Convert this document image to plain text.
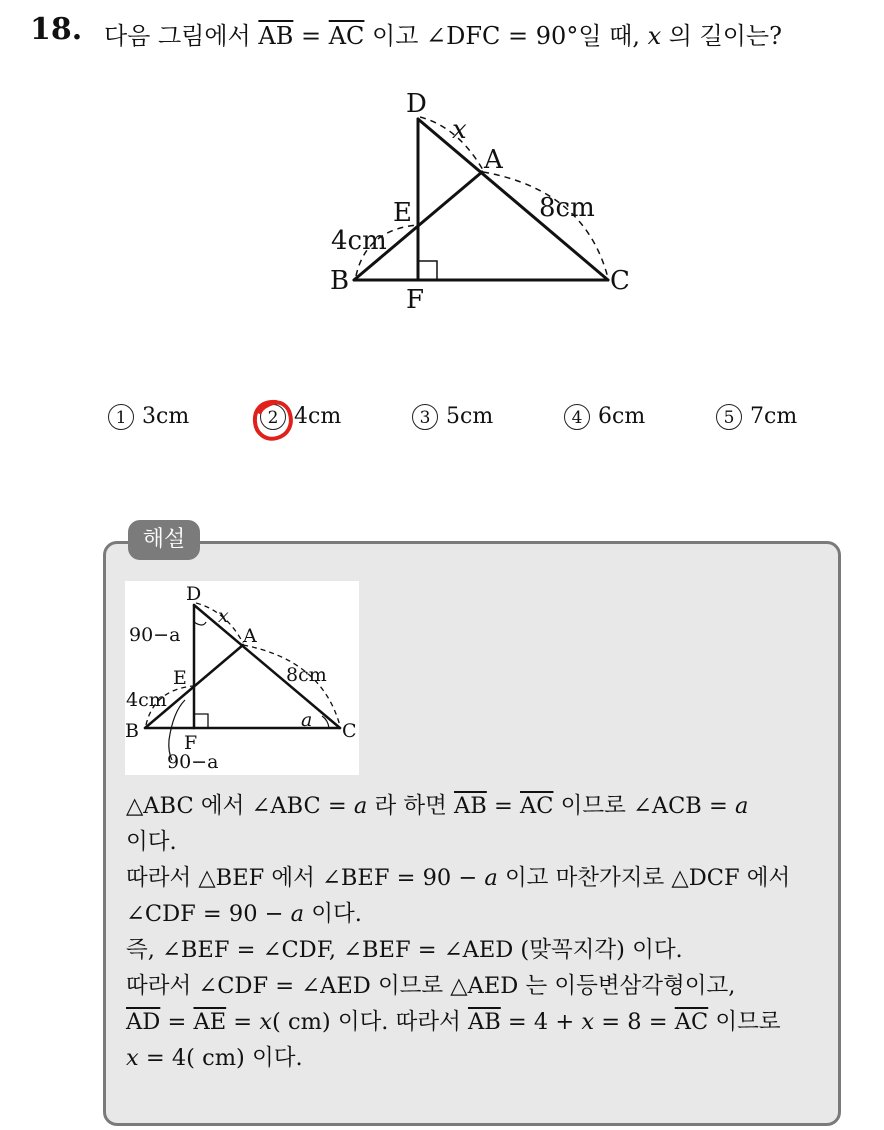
18. 다음 그림에서 $\overline{AB} = \overline{AC}$ 이고 ∠DFC = 90°일 때, x 의 길이는?
D
x
A
8cm
E
4cm
B
F
C
1 3cm	2 4cm	3 5cm	4 6cm	5 7cm
해설
D
x
A
90−a
E	8cm
4cm
B
F
a C
90−a
△ABC 에서 ∠ABC = a 라 하면 $\overline{AB} = \overline{AC}$ 이므로 ∠ACB = a
이다.
따라서 △BEF 에서 ∠BEF = 90 − a 이고 마찬가지로 △DCF 에서
∠CDF = 90 − a 이다.
즉, ∠BEF = ∠CDF, ∠BEF = ∠AED (맞꼭지각) 이다.
따라서 ∠CDF = ∠AED 이므로 △AED 는 이등변삼각형이고,
$\overline{AD} = \overline{AE} = x$( cm) 이다. 따라서 $\overline{AB} = 4 + x = 8 = \overline{AC}$ 이므로
x = 4( cm) 이다.
